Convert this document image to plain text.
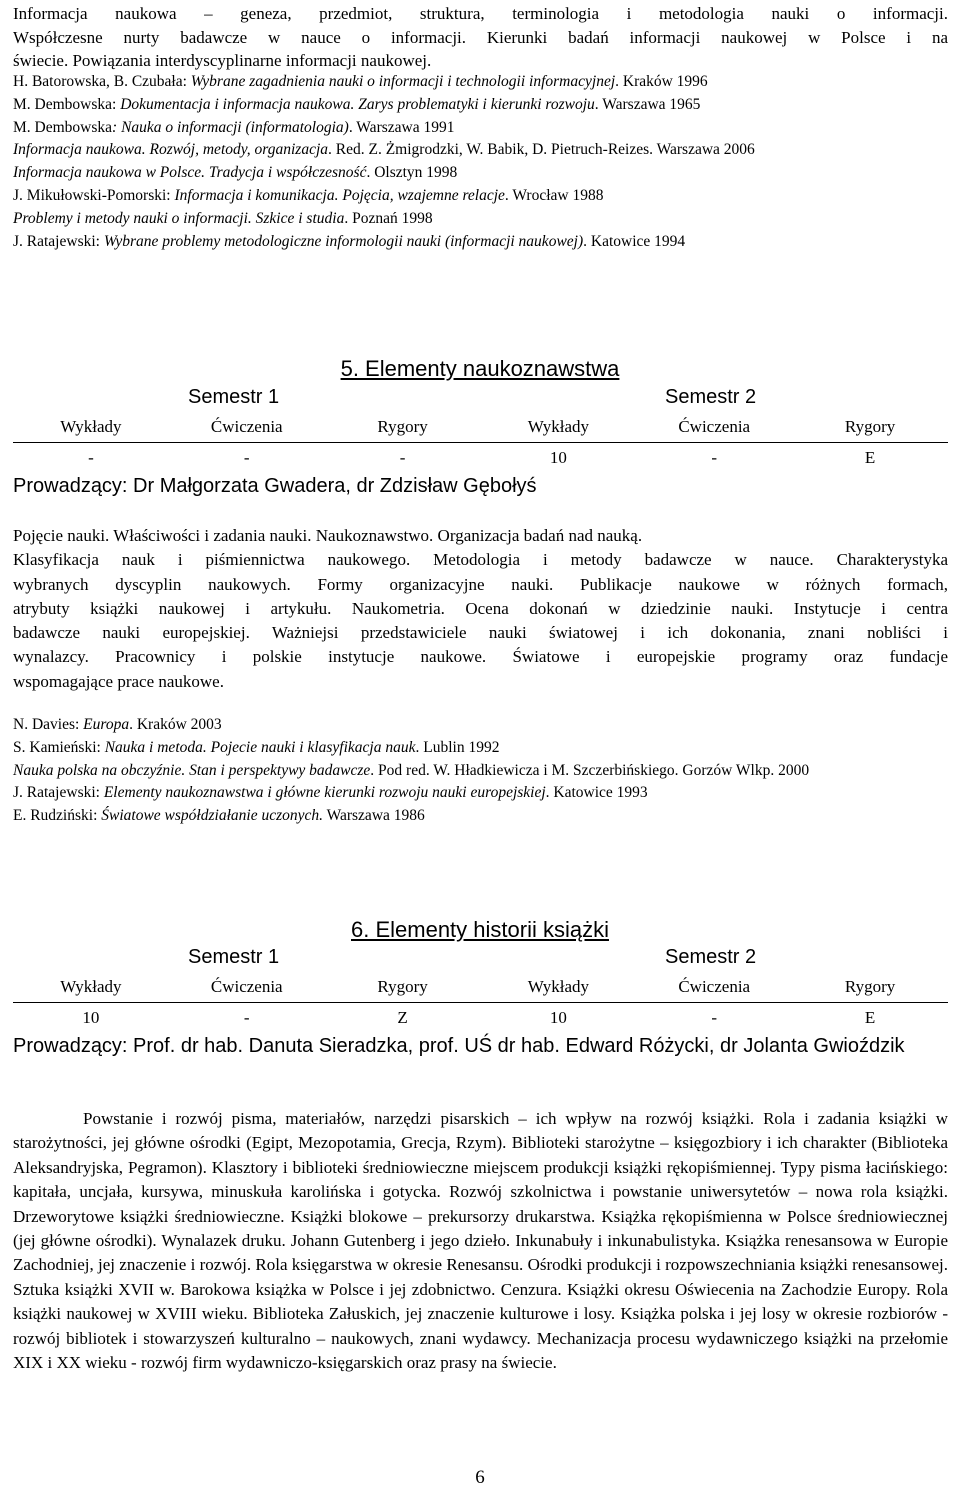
Informacja naukowa – geneza, przedmiot, struktura, terminologia i metodologia nauki o informacji.

Współczesne nurty badawcze w nauce o informacji. Kierunki badań informacji naukowej w Polsce i na

świecie. Powiązania interdyscyplinarne informacji naukowej.

H. Batorowska, B. Czubała: Wybrane zagadnienia nauki o informacji i technologii informacyjnej. Kraków 1996
M. Dembowska: Dokumentacja i informacja naukowa. Zarys problematyki i kierunki rozwoju. Warszawa 1965
M. Dembowska: Nauka o informacji (informatologia). Warszawa 1991
Informacja naukowa. Rozwój, metody, organizacja. Red. Z. Żmigrodzki, W. Babik, D. Pietruch-Reizes. Warszawa 2006
Informacja naukowa w Polsce. Tradycja i współczesność. Olsztyn 1998
J. Mikułowski-Pomorski: Informacja i komunikacja. Pojęcia, wzajemne relacje. Wrocław 1988
Problemy i metody nauki o informacji. Szkice i studia. Poznań 1998
J. Ratajewski: Wybrane problemy metodologiczne informologii nauki (informacji naukowej). Katowice 1994
5. Elementy naukoznawstwa
Semestr 1	Semestr 2
Wykłady	Ćwiczenia	Rygory	Wykłady	Ćwiczenia	Rygory
-	-	-	10	-	E

Prowadzący: Dr Małgorzata Gwadera, dr Zdzisław Gębołyś

Pojęcie nauki. Właściwości i zadania nauki. Naukoznawstwo. Organizacja badań nad nauką.

Klasyfikacja nauk i piśmiennictwa naukowego. Metodologia i metody badawcze w nauce. Charakterystyka

wybranych dyscyplin naukowych. Formy organizacyjne nauki. Publikacje naukowe w różnych formach,

atrybuty książki naukowej i artykułu. Naukometria. Ocena dokonań w dziedzinie nauki. Instytucje i centra

badawcze nauki europejskiej. Ważniejsi przedstawiciele nauki światowej i ich dokonania, znani nobliści i

wynalazcy. Pracownicy i polskie instytucje naukowe. Światowe i europejskie programy oraz fundacje

wspomagające prace naukowe.

N. Davies: Europa. Kraków 2003
S. Kamieński: Nauka i metoda. Pojecie nauki i klasyfikacja nauk. Lublin 1992
Nauka polska na obczyźnie. Stan i perspektywy badawcze. Pod red. W. Hładkiewicza i M. Szczerbińskiego. Gorzów Wlkp. 2000
J. Ratajewski: Elementy naukoznawstwa i główne kierunki rozwoju nauki europejskiej. Katowice 1993
E. Rudziński: Światowe współdziałanie uczonych. Warszawa 1986
6. Elementy historii książki
Semestr 1	Semestr 2
Wykłady	Ćwiczenia	Rygory	Wykłady	Ćwiczenia	Rygory
10	-	Z	10	-	E

Prowadzący: Prof. dr hab. Danuta Sieradzka, prof. UŚ dr hab. Edward Różycki, dr Jolanta Gwioździk

Powstanie i rozwój pisma, materiałów, narzędzi pisarskich – ich wpływ na rozwój książki. Rola i zadania książki w starożytności, jej główne ośrodki (Egipt, Mezopotamia, Grecja, Rzym). Biblioteki starożytne – księgozbiory i ich charakter (Biblioteka Aleksandryjska, Pegramon). Klasztory i biblioteki średniowieczne miejscem produkcji książki rękopiśmiennej. Typy pisma łacińskiego: kapitała, uncjała, kursywa, minuskuła karolińska i gotycka. Rozwój szkolnictwa i powstanie uniwersytetów – nowa rola książki. Drzeworytowe książki średniowieczne. Książki blokowe – prekursorzy drukarstwa. Książka rękopiśmienna w Polsce średniowiecznej (jej główne ośrodki). Wynalazek druku. Johann Gutenberg i jego dzieło. Inkunabuły i inkunabulistyka. Książka renesansowa w Europie Zachodniej, jej znaczenie i rozwój. Rola księgarstwa w okresie Renesansu. Ośrodki produkcji i rozpowszechniania książki renesansowej. Sztuka książki XVII w. Barokowa książka w Polsce i jej zdobnictwo. Cenzura. Książki okresu Oświecenia na Zachodzie Europy. Rola książki naukowej w XVIII wieku. Biblioteka Załuskich, jej znaczenie kulturowe i losy. Książka polska i jej losy w okresie rozbiorów - rozwój bibliotek i stowarzyszeń kulturalno – naukowych, znani wydawcy. Mechanizacja procesu wydawniczego książki na przełomie XIX i XX wieku - rozwój firm wydawniczo-księgarskich oraz prasy na świecie.

6
